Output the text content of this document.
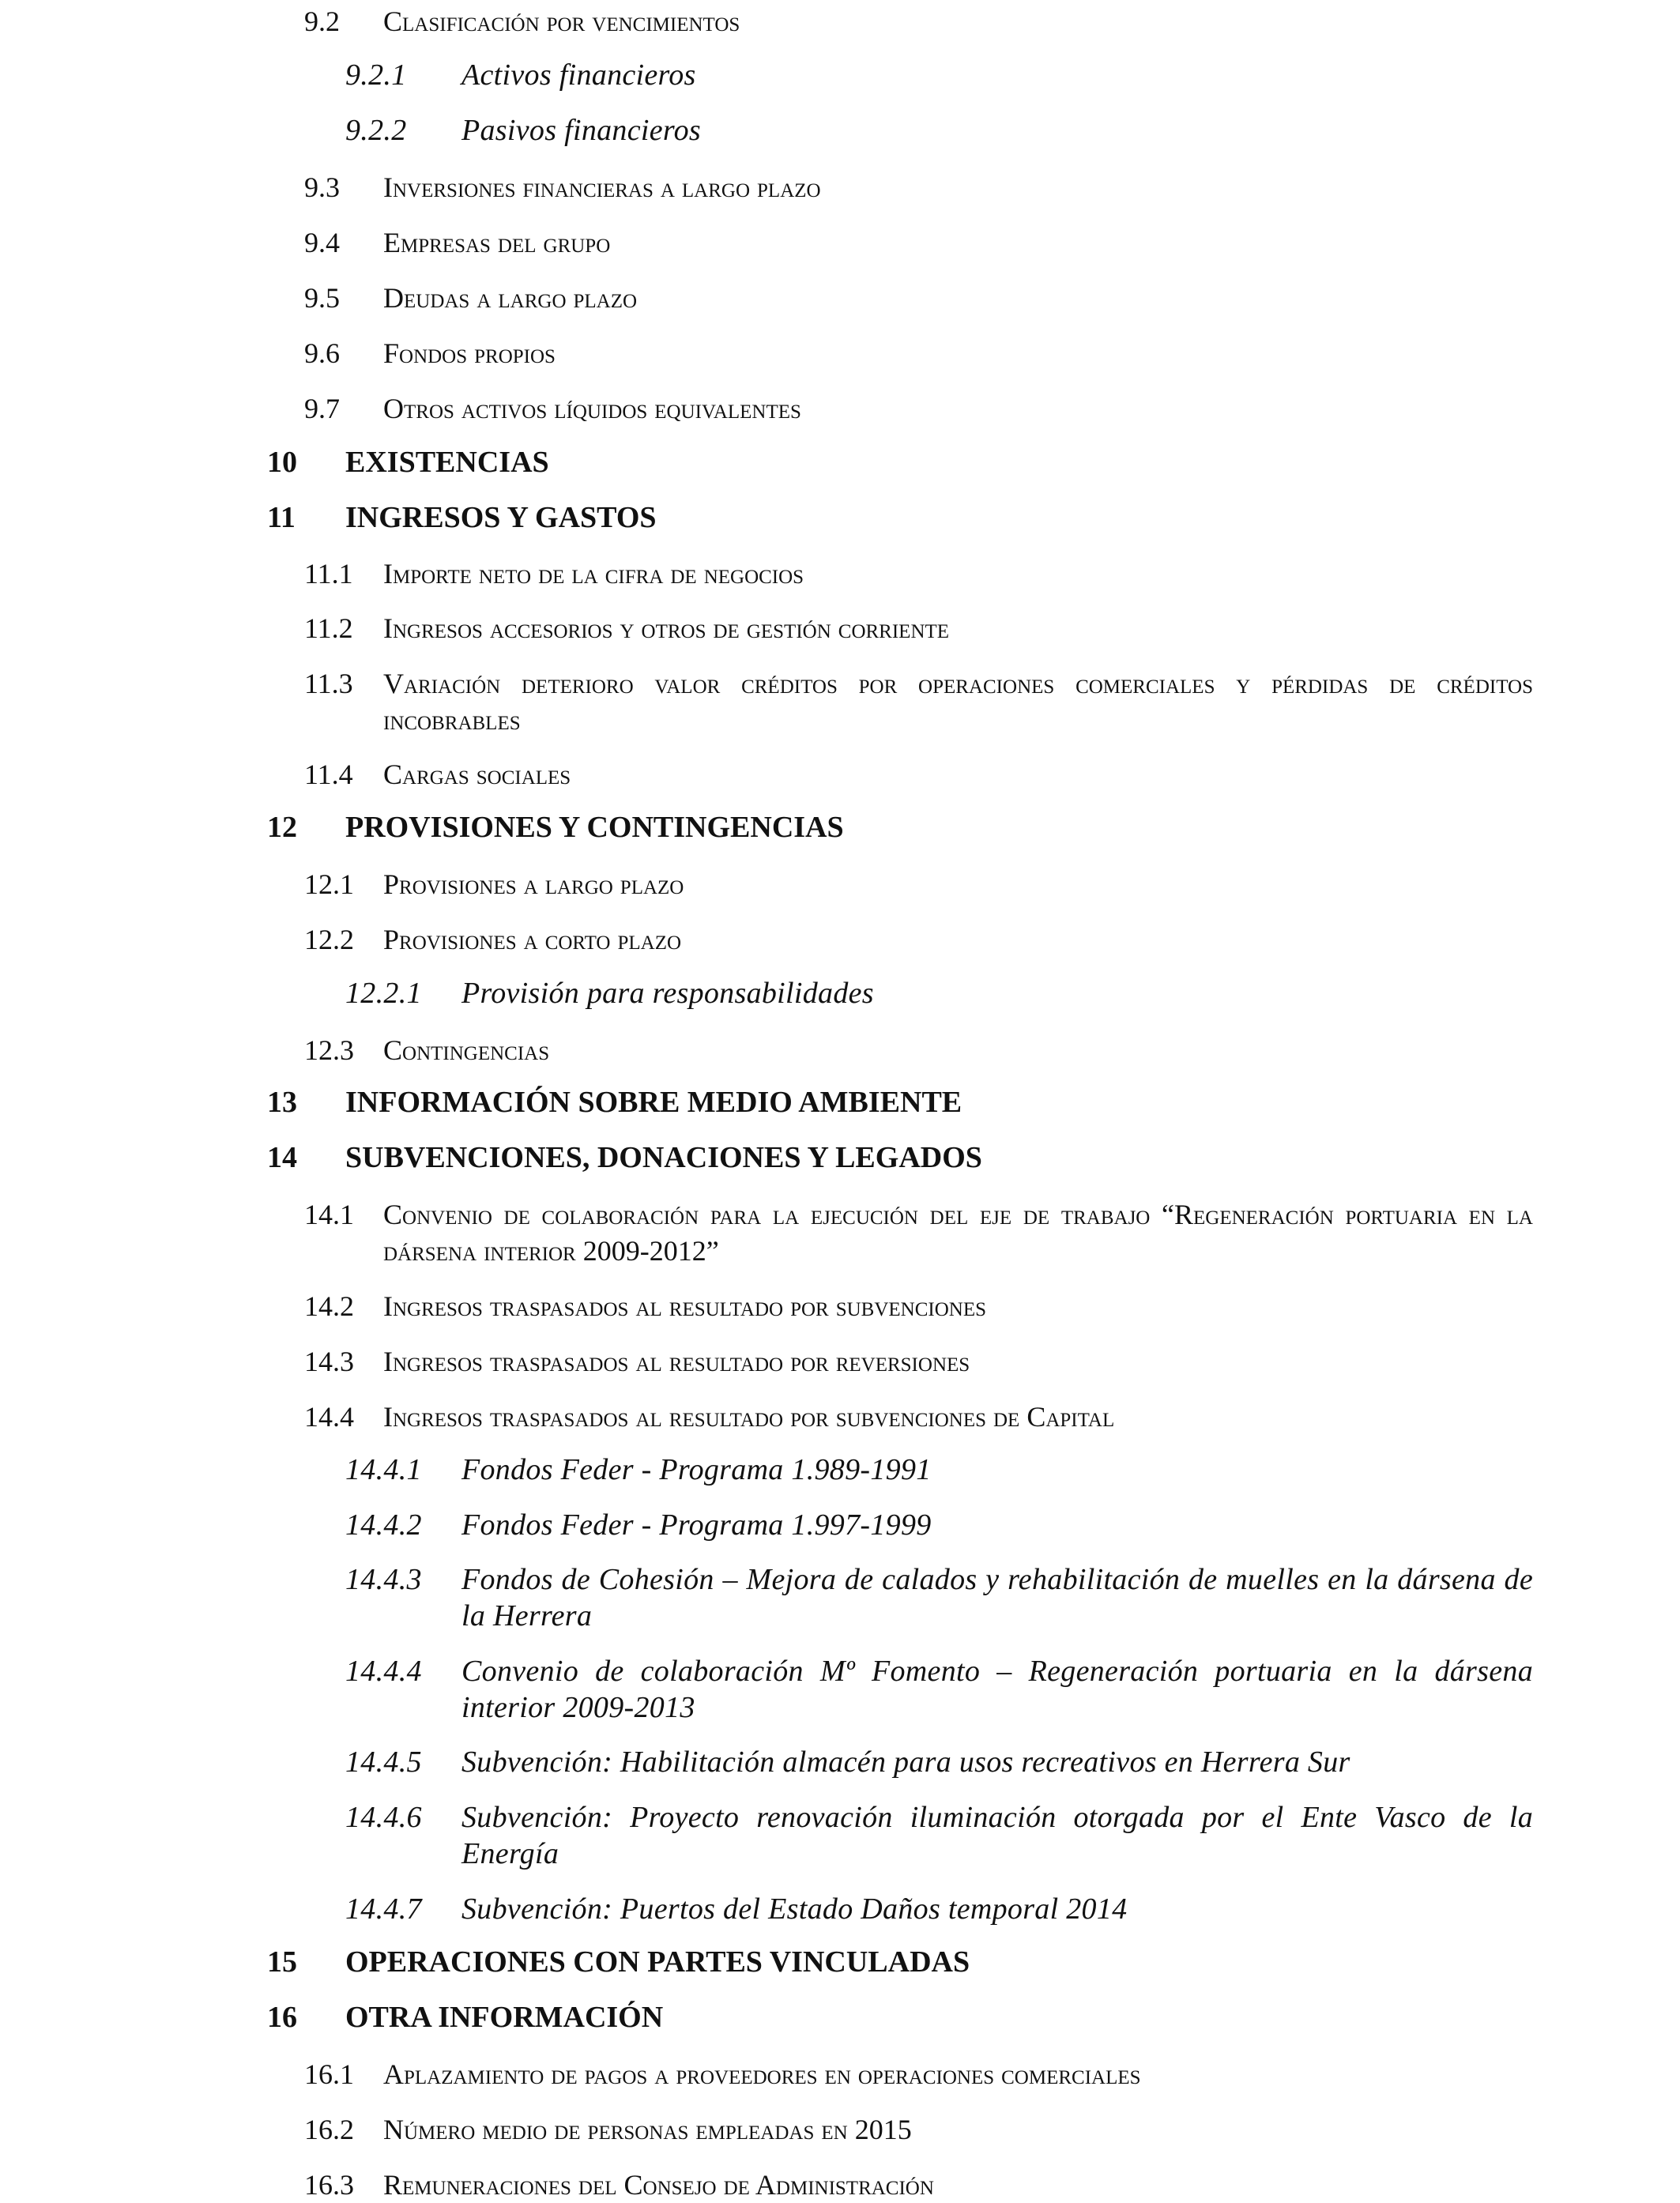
9.2 Clasificación por vencimientos
9.2.1 Activos financieros
9.2.2 Pasivos financieros
9.3 Inversiones financieras a largo plazo
9.4 Empresas del grupo
9.5 Deudas a largo plazo
9.6 Fondos propios
9.7 Otros activos líquidos equivalentes
10 EXISTENCIAS
11 INGRESOS Y GASTOS
11.1 Importe neto de la cifra de negocios
11.2 Ingresos accesorios y otros de gestión corriente
11.3 Variación deterioro valor créditos por operaciones comerciales y pérdidas de créditos incobrables
11.4 Cargas sociales
12 PROVISIONES Y CONTINGENCIAS
12.1 Provisiones a largo plazo
12.2 Provisiones a corto plazo
12.2.1 Provisión para responsabilidades
12.3 Contingencias
13 INFORMACIÓN SOBRE MEDIO AMBIENTE
14 SUBVENCIONES, DONACIONES Y LEGADOS
14.1 Convenio de colaboración para la ejecución del eje de trabajo “Regeneración portuaria en la dársena interior 2009-2012”
14.2 Ingresos traspasados al resultado por subvenciones
14.3 Ingresos traspasados al resultado por reversiones
14.4 Ingresos traspasados al resultado por subvenciones de Capital
14.4.1 Fondos Feder - Programa 1.989-1991
14.4.2 Fondos Feder - Programa 1.997-1999
14.4.3 Fondos de Cohesión – Mejora de calados y rehabilitación de muelles en la dársena de la Herrera
14.4.4 Convenio de colaboración Mº Fomento – Regeneración portuaria en la dársena interior 2009-2013
14.4.5 Subvención: Habilitación almacén para usos recreativos en Herrera Sur
14.4.6 Subvención: Proyecto renovación iluminación otorgada por el Ente Vasco de la Energía
14.4.7 Subvención: Puertos del Estado Daños temporal 2014
15 OPERACIONES CON PARTES VINCULADAS
16 OTRA INFORMACIÓN
16.1 Aplazamiento de pagos a proveedores en operaciones comerciales
16.2 Número medio de personas empleadas en 2015
16.3 Remuneraciones del Consejo de Administración
